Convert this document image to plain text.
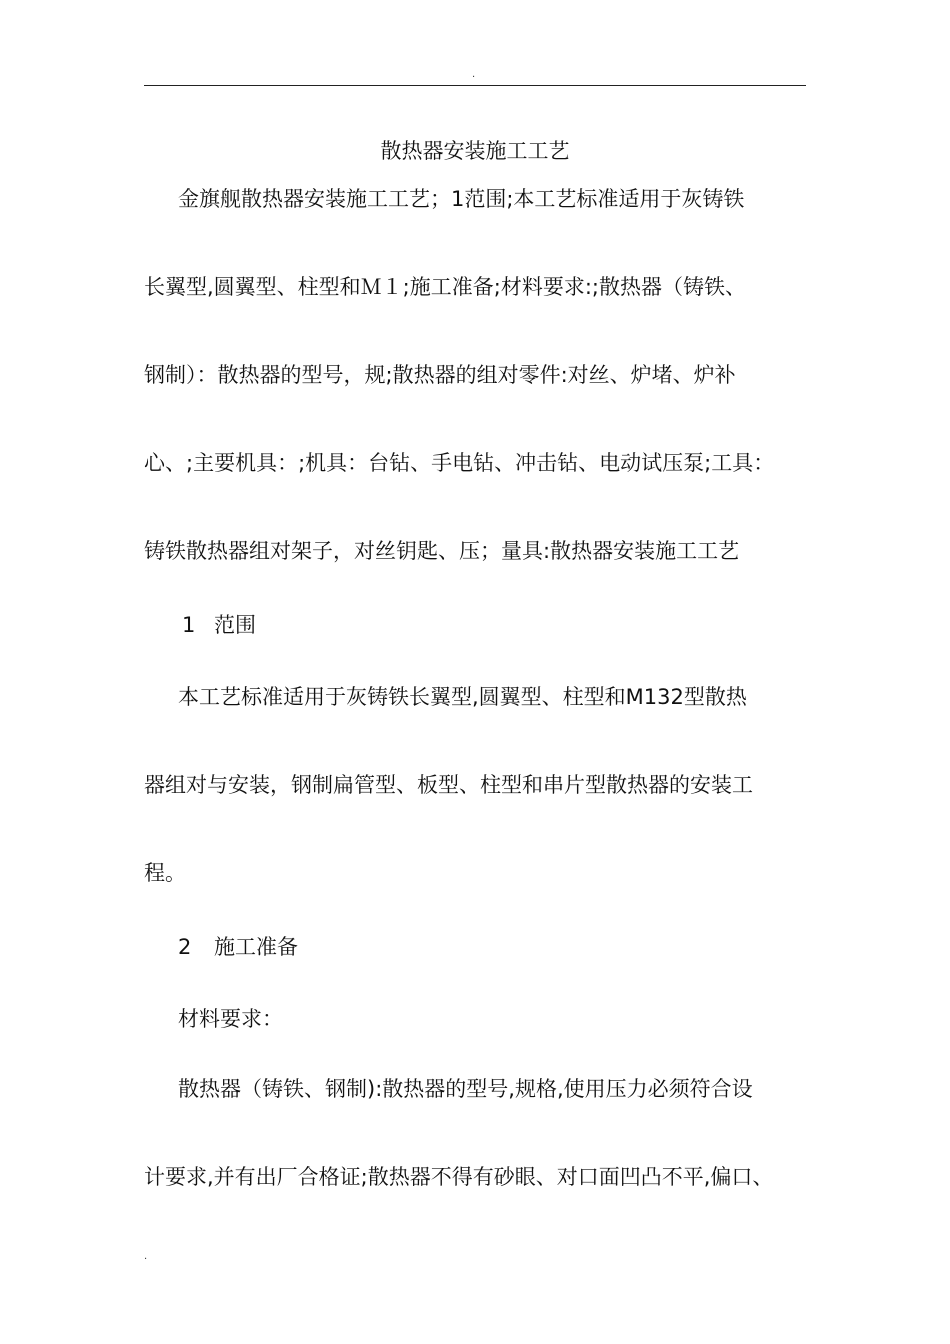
.
散热器安装施工工艺
金旗舰散热器安装施工工艺；1范围;本工艺标准适用于灰铸铁
长翼型,圆翼型、柱型和Ｍ１;施工准备;材料要求:;散热器（铸铁、
钢制）：散热器的型号，规;散热器的组对零件:对丝、炉堵、炉补
心、;主要机具：;机具：台钻、手电钻、冲击钻、电动试压泵;工具：
铸铁散热器组对架子，对丝钥匙、压；量具:散热器安装施工工艺
1 范围
本工艺标准适用于灰铸铁长翼型,圆翼型、柱型和M132型散热
器组对与安装，钢制扁管型、板型、柱型和串片型散热器的安装工
程。
2 施工准备
材料要求：
散热器（铸铁、钢制):散热器的型号,规格,使用压力必须符合设
计要求,并有出厂合格证;散热器不得有砂眼、对口面凹凸不平,偏口、
.
